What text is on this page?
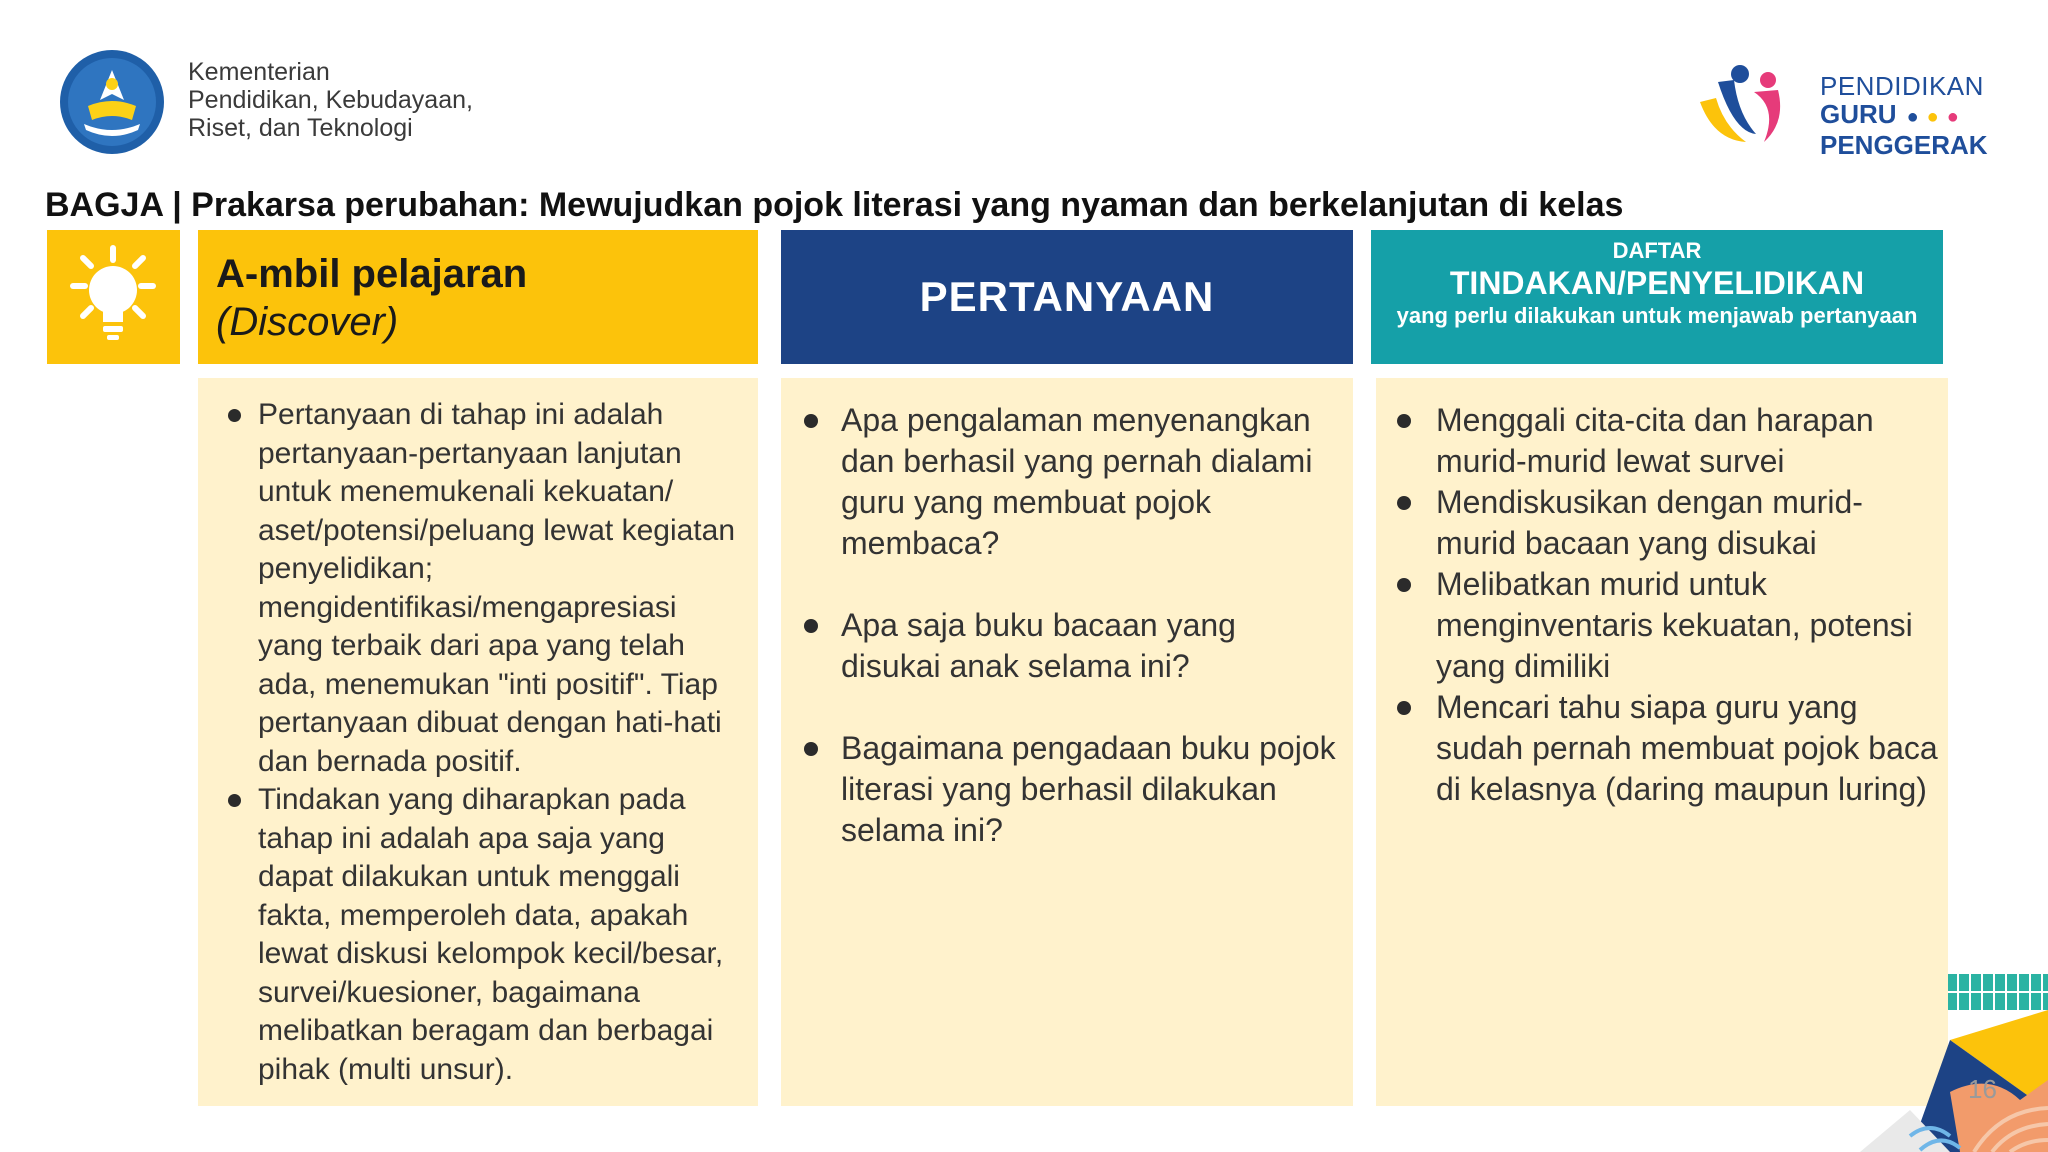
Kementerian
Pendidikan, Kebudayaan,
Riset, dan Teknologi
PENDIDIKAN
GURU ●●●
PENGGERAK
BAGJA | Prakarsa perubahan: Mewujudkan pojok literasi yang nyaman dan berkelanjutan di kelas
A-mbil pelajaran
(Discover)
PERTANYAAN
DAFTAR
TINDAKAN/PENYELIDIKAN
yang perlu dilakukan untuk menjawab pertanyaan
Pertanyaan di tahap ini adalah pertanyaan-pertanyaan lanjutan untuk menemukenali kekuatan/ aset/potensi/peluang lewat kegiatan penyelidikan; mengidentifikasi/mengapresiasi yang terbaik dari apa yang telah ada, menemukan "inti positif". Tiap pertanyaan dibuat dengan hati-hati dan bernada positif.
Tindakan yang diharapkan pada tahap ini adalah apa saja yang dapat dilakukan untuk menggali fakta, memperoleh data, apakah lewat diskusi kelompok kecil/besar, survei/kuesioner, bagaimana melibatkan beragam dan berbagai pihak (multi unsur).
Apa pengalaman menyenangkan dan berhasil yang pernah dialami guru yang membuat pojok membaca?
Apa saja buku bacaan yang disukai anak selama ini?
Bagaimana pengadaan buku pojok literasi yang berhasil dilakukan selama ini?
Menggali cita-cita dan harapan murid-murid lewat survei
Mendiskusikan dengan murid-murid bacaan yang disukai
Melibatkan murid untuk menginventaris kekuatan, potensi yang dimiliki
Mencari tahu siapa guru yang sudah pernah membuat pojok baca di kelasnya (daring maupun luring)
16
